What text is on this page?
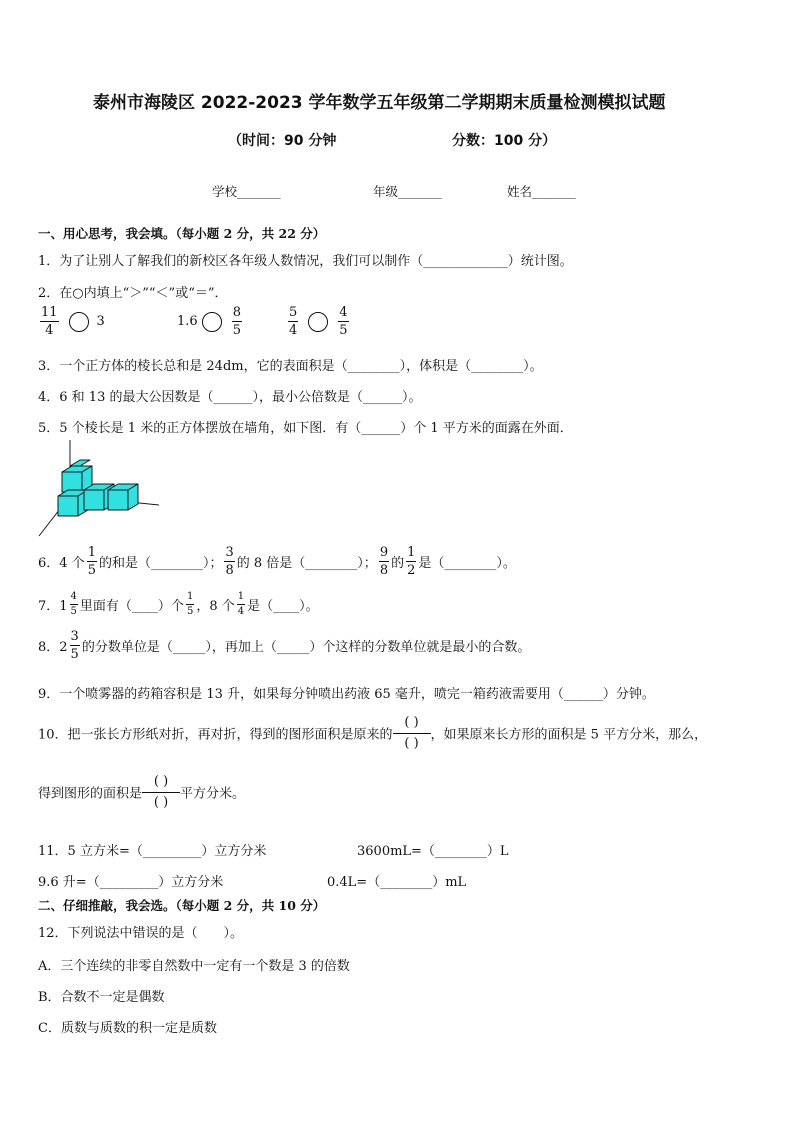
泰州市海陵区 2022-2023 学年数学五年级第二学期期末质量检测模拟试题
（时间：90 分钟	分数：100 分）
学校_______	年级_______	姓名_______
一、用心思考，我会填。（每小题 2 分，共 22 分）
1．为了让别人了解我们的新校区各年级人数情况，我们可以制作（_____________）统计图。
2．在○内填上“＞”“＜”或“＝”．
$\frac{11}{4}$	3	1.6	$\frac{8}{5}$	$\frac{5}{4}$	$\frac{4}{5}$
3．一个正方体的棱长总和是 24dm，它的表面积是（________），体积是（________）。
4．6 和 13 的最大公因数是（______），最小公倍数是（______）。
5．5 个棱长是 1 米的正方体摆放在墙角，如下图．有（______）个 1 平方米的面露在外面．
6．4 个 $\frac{1}{5}$ 的和是（________）； $\frac{3}{8}$ 的 8 倍是（________）； $\frac{9}{8}$ 的 $\frac{1}{2}$ 是（________）。
7．$1 \frac{4}{5}$ 里面有（____）个 $\frac{1}{5}$ ，8 个 $\frac{1}{4}$ 是（____）。
8．$2 \frac{3}{5}$ 的分数单位是（_____），再加上（_____）个这样的分数单位就是最小的合数。
9．一个喷雾器的药箱容积是 13 升，如果每分钟喷出药液 65 毫升，喷完一箱药液需要用（______）分钟。
10．把一张长方形纸对折，再对折，得到的图形面积是原来的 $\frac{( )}{( )}$ ，如果原来长方形的面积是 5 平方分米，那么，
得到图形的面积是 $\frac{( )}{( )}$ 平方分米。
11．5 立方米=（_________）立方分米	3600mL=（________）L
9.6 升=（_________）立方分米	0.4L=（________）mL
二、仔细推敲，我会选。（每小题 2 分，共 10 分）
12．下列说法中错误的是（　　）。
A．三个连续的非零自然数中一定有一个数是 3 的倍数
B．合数不一定是偶数
C．质数与质数的积一定是质数
